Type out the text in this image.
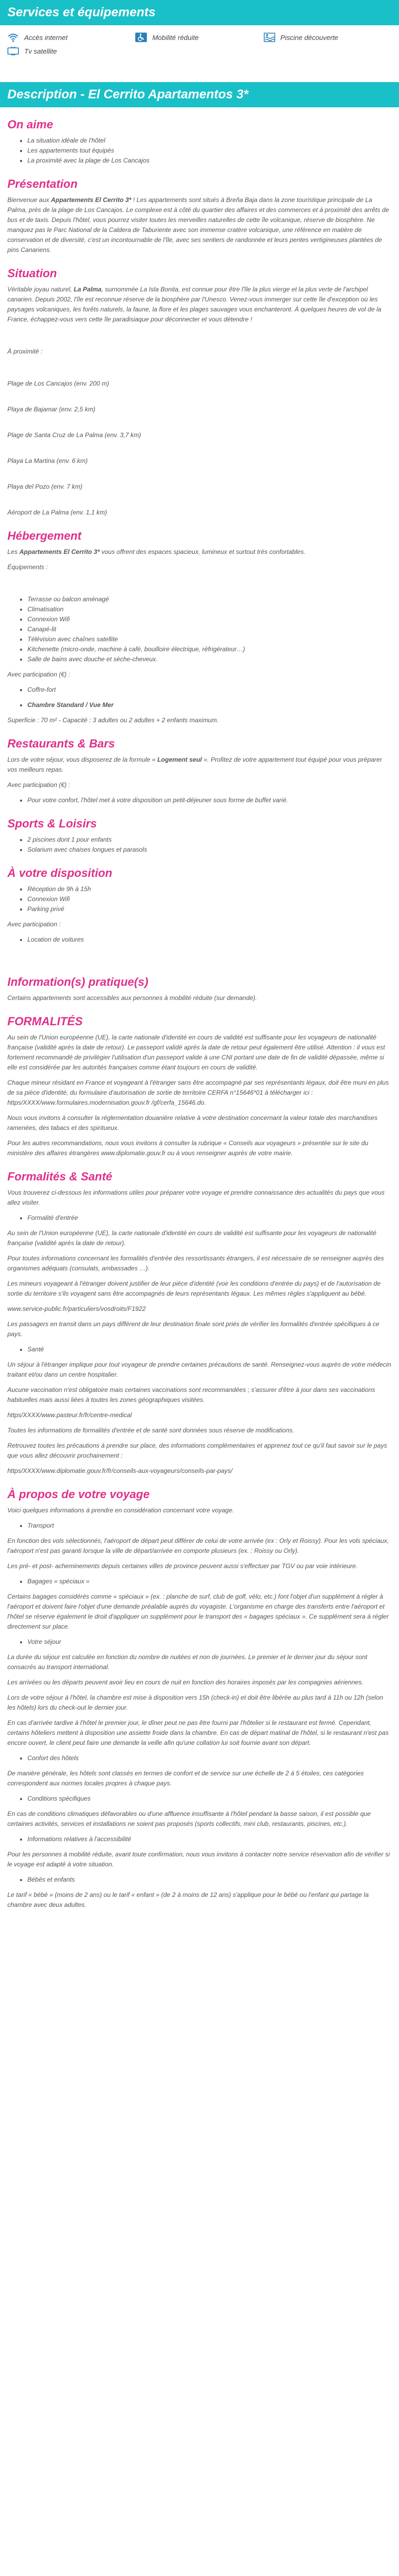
Services et équipements
Accès internet	Mobilité réduite	Piscine découverte
Tv satellite
Description - El Cerrito Apartamentos 3*
On aime
• La situation idéale de l'hôtel
• Les appartements tout équipés
• La proximité avec la plage de Los Cancajos
Présentation

Bienvenue aux Appartements El Cerrito 3* ! Les appartements sont situés à Breña Baja dans la zone touristique principale de La Palma, près de la plage de Los Cancajos. Le complexe est à côté du quartier des affaires et des commerces et à proximité des arrêts de bus et de taxis. Depuis l'hôtel, vous pourrez visiter toutes les merveilles naturelles de cette île volcanique, réserve de biosphère. Ne manquez pas le Parc National de la Caldera de Taburiente avec son immense cratère volcanique, une référence en matière de conservation et de diversité, c'est un incontournable de l'île, avec ses sentiers de randonnée et leurs pentes vertigineuses plantées de pins Canariens.

Situation

Véritable joyau naturel, La Palma, surnommée La Isla Bonita, est connue pour être l'île la plus vierge et la plus verte de l'archipel canarien. Depuis 2002, l'île est reconnue réserve de la biosphère par l'Unesco. Venez-vous immerger sur cette île d'exception où les paysages volcaniques, les forêts naturels, la faune, la flore et les plages sauvages vous enchanteront. À quelques heures de vol de la France, échappez-vous vers cette île paradisiaque pour déconnecter et vous détendre !

À proximité :

Plage de Los Cancajos (env. 200 m)

Playa de Bajamar (env. 2,5 km)

Plage de Santa Cruz de La Palma (env. 3,7 km)

Playa La Martina (env. 6 km)

Playa del Pozo (env. 7 km)

Aéroport de La Palma (env. 1,1 km)

Hébergement

Les Appartements El Cerrito 3* vous offrent des espaces spacieux, lumineux et surtout très confortables.

Équipements :

• Terrasse ou balcon aménagé
• Climatisation
• Connexion Wifi
• Canapé-lit
• Télévision avec chaînes satellite
• Kitchenette (micro-onde, machine à café, bouilloire électrique, réfrigérateur…)
• Salle de bains avec douche et sèche-cheveux.

Avec participation (€) :

• Coffre-fort
• Chambre Standard / Vue Mer

Superficie : 70 m² - Capacité : 3 adultes ou 2 adultes + 2 enfants maximum.

Restaurants & Bars

Lors de votre séjour, vous disposerez de la formule « Logement seul ». Profitez de votre appartement tout équipé pour vous préparer vos meilleurs repas.

Avec participation (€) :

• Pour votre confort, l'hôtel met à votre disposition un petit-déjeuner sous forme de buffet varié.
Sports & Loisirs
• 2 piscines dont 1 pour enfants
• Solarium avec chaises longues et parasols
À votre disposition
• Réception de 9h à 15h
• Connexion Wifi
• Parking privé

Avec participation :

• Location de voitures
Information(s) pratique(s)

Certains appartements sont accessibles aux personnes à mobilité réduite (sur demande).

FORMALITÉS

Au sein de l'Union européenne (UE), la carte nationale d'identité en cours de validité est suffisante pour les voyageurs de nationalité française (validité après la date de retour). Le passeport validé après la date de retour peut également être utilisé. Attention : il vous est fortement recommandé de privilégier l'utilisation d'un passeport valide à une CNI portant une date de fin de validité dépassée, même si elle est considérée par les autorités françaises comme étant toujours en cours de validité.

Chaque mineur résidant en France et voyageant à l'étranger sans être accompagné par ses représentants légaux, doit être muni en plus de sa pièce d'identité, du formulaire d'autorisation de sortie de territoire CERFA n°15646*01 à télécharger ici : https/XXXX/www.formulaires.modernisation.gouv.fr /gf/cerfa_15646.do.

Nous vous invitons à consulter la réglementation douanière relative à votre destination concernant la valeur totale des marchandises ramenées, des tabacs et des spiritueux.

Pour les autres recommandations, nous vous invitons à consulter la rubrique « Conseils aux voyageurs » présentée sur le site du ministère des affaires étrangères www.diplomatie.gouv.fr ou à vous renseigner auprès de votre mairie.

Formalités & Santé

Vous trouverez ci-dessous les informations utiles pour préparer votre voyage et prendre connaissance des actualités du pays que vous allez visiter.

• Formalité d'entrée

Au sein de l'Union européenne (UE), la carte nationale d'identité en cours de validité est suffisante pour les voyageurs de nationalité française (validité après la date de retour).

Pour toutes informations concernant les formalités d'entrée des ressortissants étrangers, il est nécessaire de se renseigner auprès des organismes adéquats (consulats, ambassades …).

Les mineurs voyageant à l'étranger doivent justifier de leur pièce d'identité (voir les conditions d'entrée du pays) et de l'autorisation de sortie du territoire s'ils voyagent sans être accompagnés de leurs représentants légaux. Les mêmes règles s'appliquent au bébé.

www.service-public.fr/particuliers/vosdroits/F1922

Les passagers en transit dans un pays différent de leur destination finale sont priés de vérifier les formalités d'entrée spécifiques à ce pays.

• Santé

Un séjour à l'étranger implique pour tout voyageur de prendre certaines précautions de santé. Renseignez-vous auprès de votre médecin traitant et/ou dans un centre hospitalier.

Aucune vaccination n'est obligatoire mais certaines vaccinations sont recommandées ; s'assurer d'être à jour dans ses vaccinations habituelles mais aussi liées à toutes les zones géographiques visitées.

https/XXXX/www.pasteur.fr/fr/centre-medical

Toutes les informations de formalités d'entrée et de santé sont données sous réserve de modifications.

Retrouvez toutes les précautions à prendre sur place, des informations complémentaires et apprenez tout ce qu'il faut savoir sur le pays que vous allez découvrir prochainement :

https/XXXX/www.diplomatie.gouv.fr/fr/conseils-aux-voyageurs/conseils-par-pays/

À propos de votre voyage

Voici quelques informations à prendre en considération concernant votre voyage.

• Transport

En fonction des vols sélectionnés, l'aéroport de départ peut différer de celui de votre arrivée (ex : Orly et Roissy). Pour les vols spéciaux, l'aéroport n'est pas garanti lorsque la ville de départ/arrivée en comporte plusieurs (ex. : Roissy ou Orly).

Les pré- et post- acheminements depuis certaines villes de province peuvent aussi s'effectuer par TGV ou par voie intérieure.

• Bagages « spéciaux »

Certains bagages considérés comme « spéciaux » (ex. : planche de surf, club de golf, vélo, etc.) font l'objet d'un supplément à régler à l'aéroport et doivent faire l'objet d'une demande préalable auprès du voyagiste. L'organisme en charge des transferts entre l'aéroport et l'hôtel se réserve également le droit d'appliquer un supplément pour le transport des « bagages spéciaux ». Ce supplément sera à régler directement sur place.

• Votre séjour

La durée du séjour est calculée en fonction du nombre de nuitées et non de journées. Le premier et le dernier jour du séjour sont consacrés au transport international.

Les arrivées ou les départs peuvent avoir lieu en cours de nuit en fonction des horaires imposés par les compagnies aériennes.

Lors de votre séjour à l'hôtel, la chambre est mise à disposition vers 15h (check-in) et doit être libérée au plus tard à 11h ou 12h (selon les hôtels) lors du check-out le dernier jour.

En cas d'arrivée tardive à l'hôtel le premier jour, le dîner peut ne pas être fourni par l'hôtelier si le restaurant est fermé. Cependant, certains hôteliers mettent à disposition une assiette froide dans la chambre. En cas de départ matinal de l'hôtel, si le restaurant n'est pas encore ouvert, le client peut faire une demande la veille afin qu'une collation lui soit fournie avant son départ.

• Confort des hôtels

De manière générale, les hôtels sont classés en termes de confort et de service sur une échelle de 2 à 5 étoiles, ces catégories correspondent aux normes locales propres à chaque pays.

• Conditions spécifiques

En cas de conditions climatiques défavorables ou d'une affluence insuffisante à l'hôtel pendant la basse saison, il est possible que certaines activités, services et installations ne soient pas proposés (sports collectifs, mini club, restaurants, piscines, etc.).

• Informations relatives à l'accessibilité

Pour les personnes à mobilité réduite, avant toute confirmation, nous vous invitons à contacter notre service réservation afin de vérifier si le voyage est adapté à votre situation.

• Bébés et enfants

Le tarif « bébé » (moins de 2 ans) ou le tarif « enfant » (de 2 à moins de 12 ans) s'applique pour le bébé ou l'enfant qui partage la chambre avec deux adultes.
